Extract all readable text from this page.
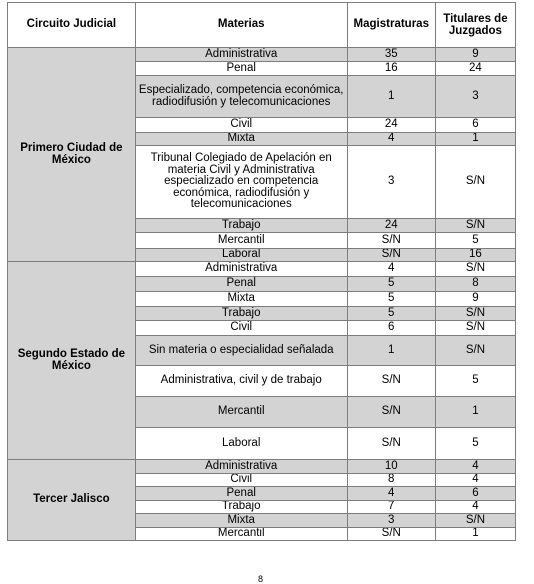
Circuito Judicial	Materias	Magistraturas	Titulares de Juzgados
Primero Ciudad de México	Administrativa	35	9
	Penal	16	24
	Especializado, competencia económica, radiodifusión y telecomunicaciones	1	3
	Civil	24	6
	Mixta	4	1
	Tribunal Colegiado de Apelación en materia Civil y Administrativa especializado en competencia económica, radiodifusión y telecomunicaciones	3	S/N
	Trabajo	24	S/N
	Mercantil	S/N	5
	Laboral	S/N	16
Segundo Estado de México	Administrativa	4	S/N
	Penal	5	8
	Mixta	5	9
	Trabajo	5	S/N
	Civil	6	S/N
	Sin materia o especialidad señalada	1	S/N
	Administrativa, civil y de trabajo	S/N	5
	Mercantil	S/N	1
	Laboral	S/N	5
Tercer Jalisco	Administrativa	10	4
	Civil	8	4
	Penal	4	6
	Trabajo	7	4
	Mixta	3	S/N
	Mercantil	S/N	1
8
